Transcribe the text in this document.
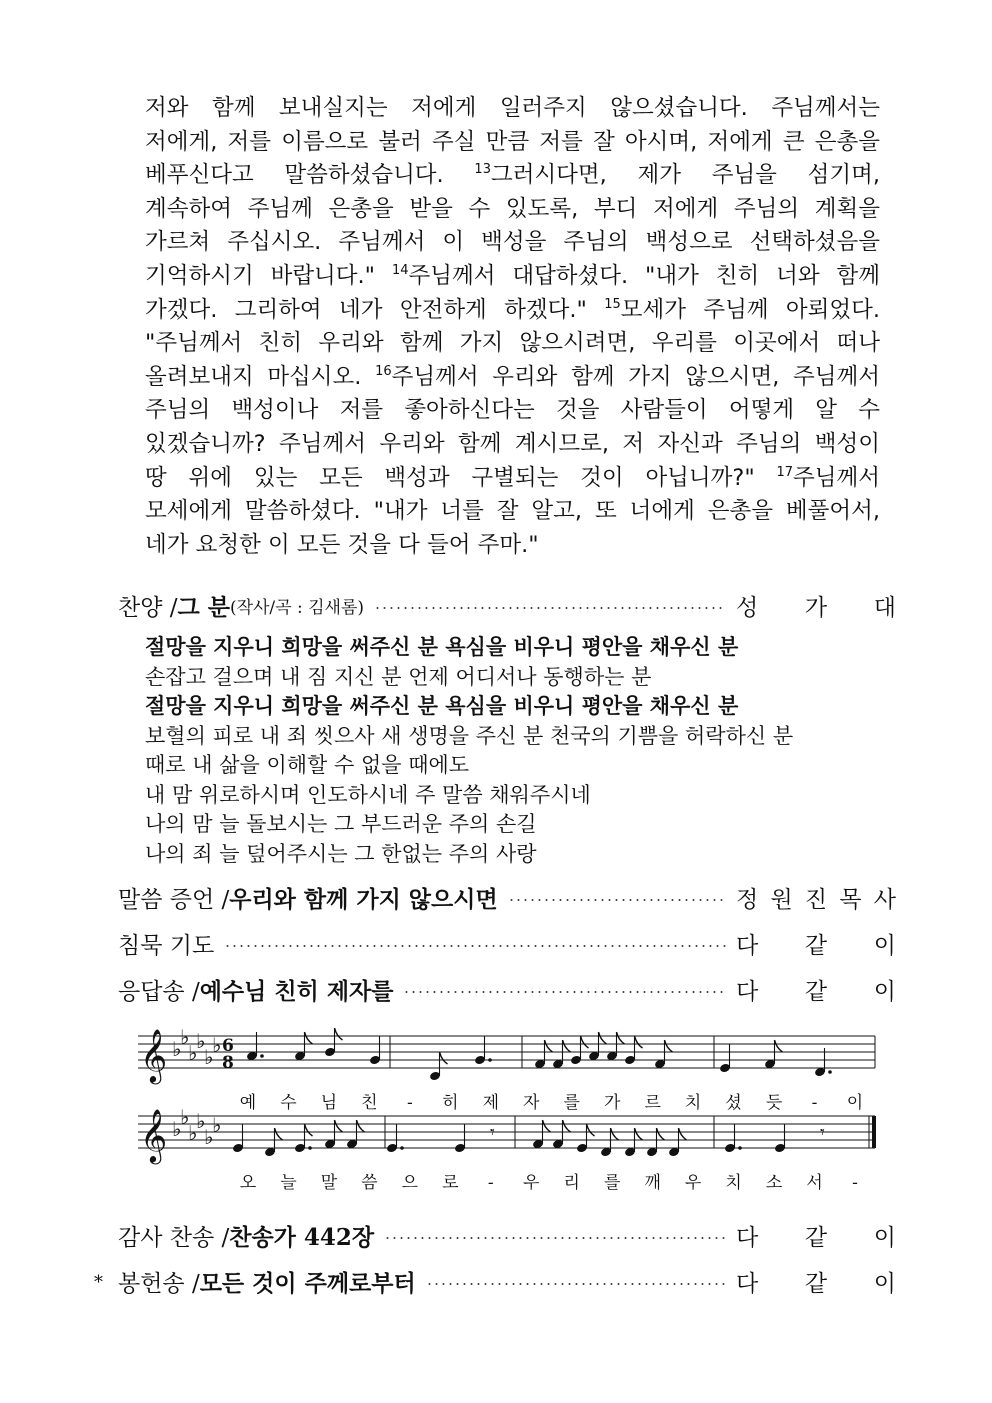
저와 함께 보내실지는 저에게 일러주지 않으셨습니다. 주님께서는
저에게, 저를 이름으로 불러 주실 만큼 저를 잘 아시며, 저에게 큰 은총을
베푸신다고 말씀하셨습니다. $^{13}$그러시다면, 제가 주님을 섬기며,
계속하여 주님께 은총을 받을 수 있도록, 부디 저에게 주님의 계획을
가르쳐 주십시오. 주님께서 이 백성을 주님의 백성으로 선택하셨음을
기억하시기 바랍니다." $^{14}$주님께서 대답하셨다. "내가 친히 너와 함께
가겠다. 그리하여 네가 안전하게 하겠다." $^{15}$모세가 주님께 아뢰었다.
"주님께서 친히 우리와 함께 가지 않으시려면, 우리를 이곳에서 떠나
올려보내지 마십시오. $^{16}$주님께서 우리와 함께 가지 않으시면, 주님께서
주님의 백성이나 저를 좋아하신다는 것을 사람들이 어떻게 알 수
있겠습니까? 주님께서 우리와 함께 계시므로, 저 자신과 주님의 백성이
땅 위에 있는 모든 백성과 구별되는 것이 아닙니까?" $^{17}$주님께서
모세에게 말씀하셨다. "내가 너를 잘 알고, 또 너에게 은총을 베풀어서,
네가 요청한 이 모든 것을 다 들어 주마."
찬양 / 그 분 (작사/곡 : 김새롬)	성 가 대
절망을 지우니 희망을 써주신 분 욕심을 비우니 평안을 채우신 분
손잡고 걸으며 내 짐 지신 분 언제 어디서나 동행하는 분
절망을 지우니 희망을 써주신 분 욕심을 비우니 평안을 채우신 분
보혈의 피로 내 죄 씻으사 새 생명을 주신 분 천국의 기쁨을 허락하신 분
때로 내 삶을 이해할 수 없을 때에도
내 맘 위로하시며 인도하시네 주 말씀 채워주시네
나의 맘 늘 돌보시는 그 부드러운 주의 손길
나의 죄 늘 덮어주시는 그 한없는 주의 사랑
말씀 증언 / 우리와 함께 가지 않으시면	정 원 진 목 사
침묵 기도	다 같 이
응답송 / 예수님 친히 제자를	다 같 이
𝄞 ♭
♭
♭
♭
♭
♭ 6
8
예 수 님 친 - 히 제 자 를 가 르 치 셨 듯 - 이
𝄞 ♭
♭
♭
♭
♭
♭	𝄾	𝄾
오 늘 말 씀 으 로 - 우 리 를 깨 우 치 소 서 -
감사 찬송 / 찬송가 442장	다 같 이
* 봉헌송 / 모든 것이 주께로부터	다 같 이
